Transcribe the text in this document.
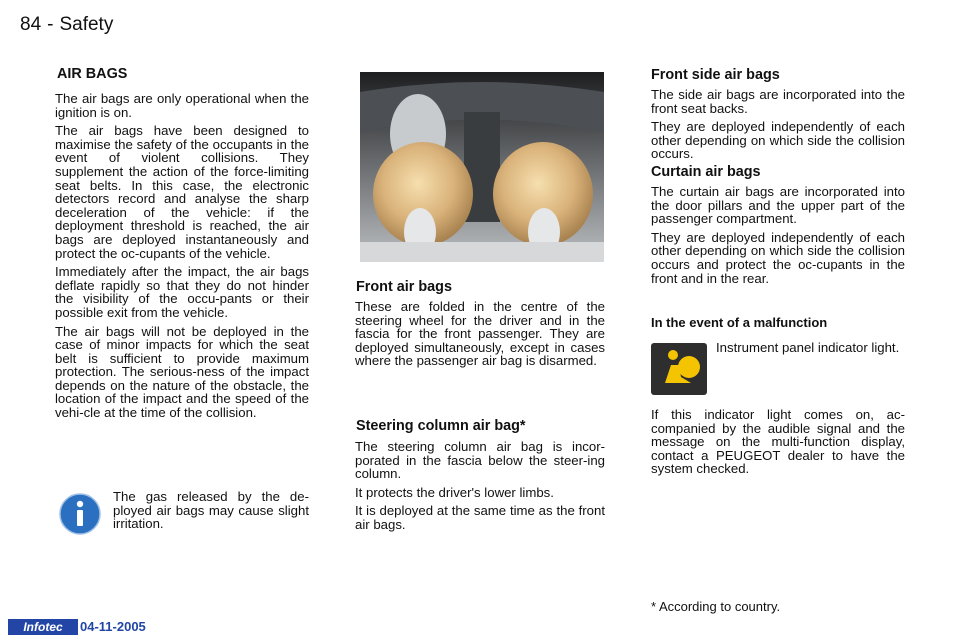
84 - Safety
AIR BAGS

The air bags are only operational when the ignition is on.

The air bags have been designed to maximise the safety of the occupants in the event of violent collisions. They supplement the action of the force-limiting seat belts. In this case, the electronic detectors record and analyse the sharp deceleration of the vehicle: if the deployment threshold is reached, the air bags are deployed instantaneously and protect the oc-cupants of the vehicle.

Immediately after the impact, the air bags deflate rapidly so that they do not hinder the visibility of the occu-pants or their possible exit from the vehicle.

The air bags will not be deployed in the case of minor impacts for which the seat belt is sufficient to provide maximum protection. The serious-ness of the impact depends on the nature of the obstacle, the location of the impact and the speed of the vehi-cle at the time of the collision.

The gas released by the de-ployed air bags may cause slight irritation.
Front air bags

These are folded in the centre of the steering wheel for the driver and in the fascia for the front passenger. They are deployed simultaneously, except in cases where the passenger air bag is disarmed.

Steering column air bag*

The steering column air bag is incor-porated in the fascia below the steer-ing column.

It protects the driver's lower limbs.

It is deployed at the same time as the front air bags.

Front side air bags

The side air bags are incorporated into the front seat backs.

They are deployed independently of each other depending on which side the collision occurs.

Curtain air bags

The curtain air bags are incorporated into the door pillars and the upper part of the passenger compartment.

They are deployed independently of each other depending on which side the collision occurs and protect the oc-cupants in the front and in the rear.

In the event of a malfunction
Instrument panel indicator light.
If this indicator light comes on, ac-companied by the audible signal and the message on the multi-function display, contact a PEUGEOT dealer to have the system checked.
* According to country.
Infotec	04-11-2005
